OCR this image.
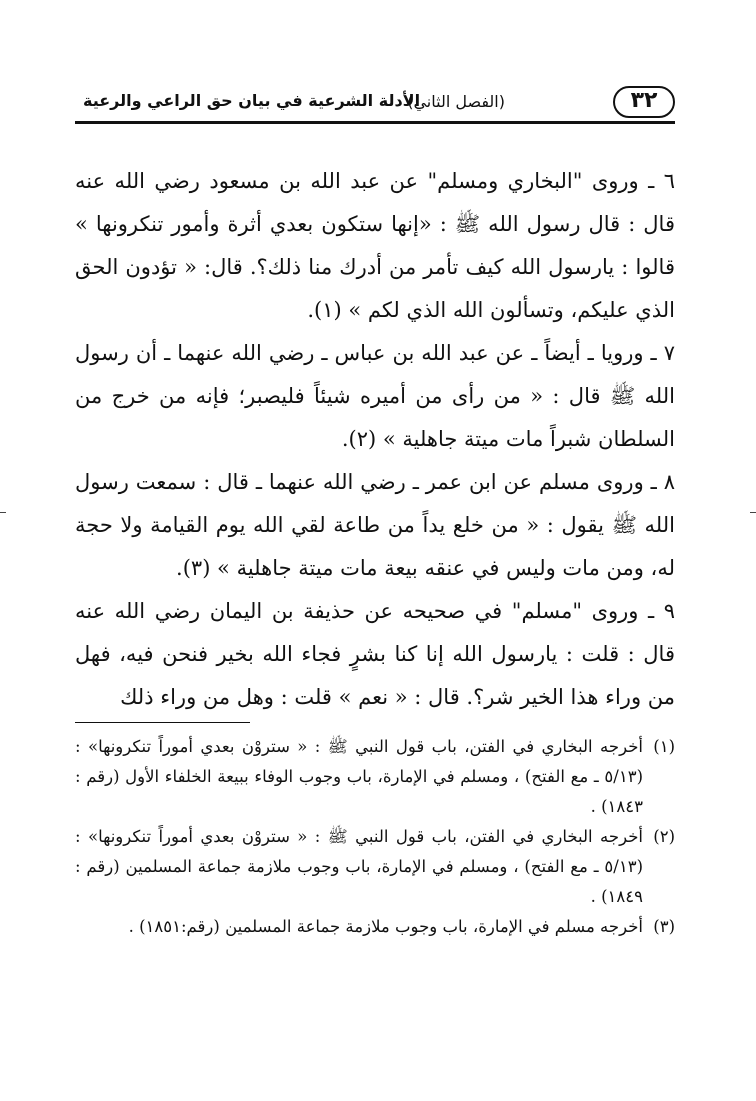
٣٢
(الفصل الثاني)
الأدلة الشرعية في بيان حق الراعي والرعية

٦ ـ وروى "البخاري ومسلم" عن عبد الله بن مسعود رضي الله عنه قال : قال رسول الله ﷺ : «إنها ستكون بعدي أثرة وأمور تنكرونها » قالوا : يارسول الله كيف تأمر من أدرك منا ذلك؟. قال: « تؤدون الحق الذي عليكم، وتسألون الله الذي لكم » (١).

٧ ـ ورويا ـ أيضاً ـ عن عبد الله بن عباس ـ رضي الله عنهما ـ أن رسول الله ﷺ قال : « من رأى من أميره شيئاً فليصبر؛ فإنه من خرج من السلطان شبراً مات ميتة جاهلية » (٢).

٨ ـ وروى مسلم عن ابن عمر ـ رضي الله عنهما ـ قال : سمعت رسول الله ﷺ يقول : « من خلع يداً من طاعة لقي الله يوم القيامة ولا حجة له، ومن مات وليس في عنقه بيعة مات ميتة جاهلية » (٣).

٩ ـ وروى "مسلم" في صحيحه عن حذيفة بن اليمان رضي الله عنه قال : قلت : يارسول الله إنا كنا بشرٍ فجاء الله بخير فنحن فيه، فهل من وراء هذا الخير شر؟. قال : « نعم » قلت : وهل من وراء ذلك

(١)
أخرجه البخاري في الفتن، باب قول النبي ﷺ : « ستروْن بعدي أموراً تنكرونها» : (٥/١٣ ـ مع الفتح) ، ومسلم في الإمارة، باب وجوب الوفاء ببيعة الخلفاء الأول (رقم : ١٨٤٣) .

(٢)
أخرجه البخاري في الفتن، باب قول النبي ﷺ : « ستروْن بعدي أموراً تنكرونها» : (٥/١٣ ـ مع الفتح) ، ومسلم في الإمارة، باب وجوب ملازمة جماعة المسلمين (رقم : ١٨٤٩) .

(٣)
أخرجه مسلم في الإمارة، باب وجوب ملازمة جماعة المسلمين (رقم:١٨٥١) .
